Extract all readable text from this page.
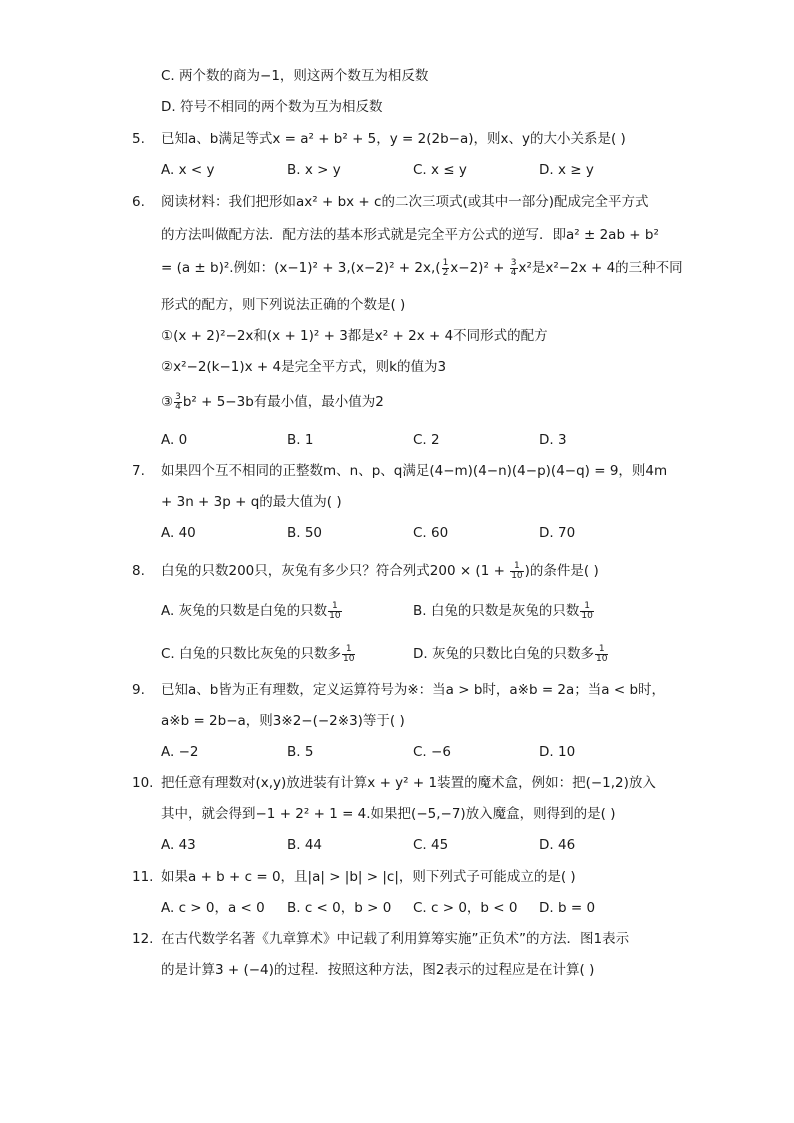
C. 两个数的商为−1，则这两个数互为相反数
D. 符号不相同的两个数为互为相反数
5. 已知a、b满足等式x = a² + b² + 5，y = 2(2b−a)，则x、y的大小关系是( )
A. x < y	B. x > y	C. x ≤ y	D. x ≥ y
6. 阅读材料：我们把形如ax² + bx + c的二次三项式(或其中一部分)配成完全平方式
的方法叫做配方法．配方法的基本形式就是完全平方公式的逆写．即a² ± 2ab + b²
= (a ± b)².例如：$(x-1)^2 + 3,(x-2)^2 + 2x,( \frac{1}{2} x-2)^2 + \frac{3}{4} x^2$是x²−2x + 4的三种不同
形式的配方，则下列说法正确的个数是( )
①(x + 2)²−2x和(x + 1)² + 3都是x² + 2x + 4不同形式的配方
②x²−2(k−1)x + 4是完全平方式，则k的值为3
③ $\frac{3}{4} b^2 + 5-3b$有最小值，最小值为2
A. 0	B. 1	C. 2	D. 3
7. 如果四个互不相同的正整数m、n、p、q满足(4−m)(4−n)(4−p)(4−q) = 9，则4m
+ 3n + 3p + q的最大值为( )
A. 40	B. 50	C. 60	D. 70
8. 白兔的只数200只，灰兔有多少只？符合列式$200 \times (1 + \frac{1}{10}$ )的条件是( )
A. 灰兔的只数是白兔的只数 $\frac{1}{10}$	B. 白兔的只数是灰兔的只数 $\frac{1}{10}$
C. 白兔的只数比灰兔的只数多 $\frac{1}{10}$	D. 灰兔的只数比白兔的只数多 $\frac{1}{10}$
9. 已知a、b皆为正有理数，定义运算符号为※：当a > b时，a※b = 2a；当a < b时，
a※b = 2b−a，则3※2−(−2※3)等于( )
A. −2	B. 5	C. −6	D. 10
10. 把任意有理数对(x,y)放进装有计算x + y² + 1装置的魔术盒，例如：把(−1,2)放入
其中，就会得到−1 + 2² + 1 = 4.如果把(−5,−7)放入魔盒，则得到的是( )
A. 43	B. 44	C. 45	D. 46
11. 如果a + b + c = 0，且|a| > |b| > |c|，则下列式子可能成立的是( )
A. c > 0，a < 0 B. c < 0，b > 0 C. c > 0，b < 0 D. b = 0
12. 在古代数学名著《九章算术》中记载了利用算筹实施”正负术”的方法．图1表示
的是计算3 + (−4)的过程．按照这种方法，图2表示的过程应是在计算( )
